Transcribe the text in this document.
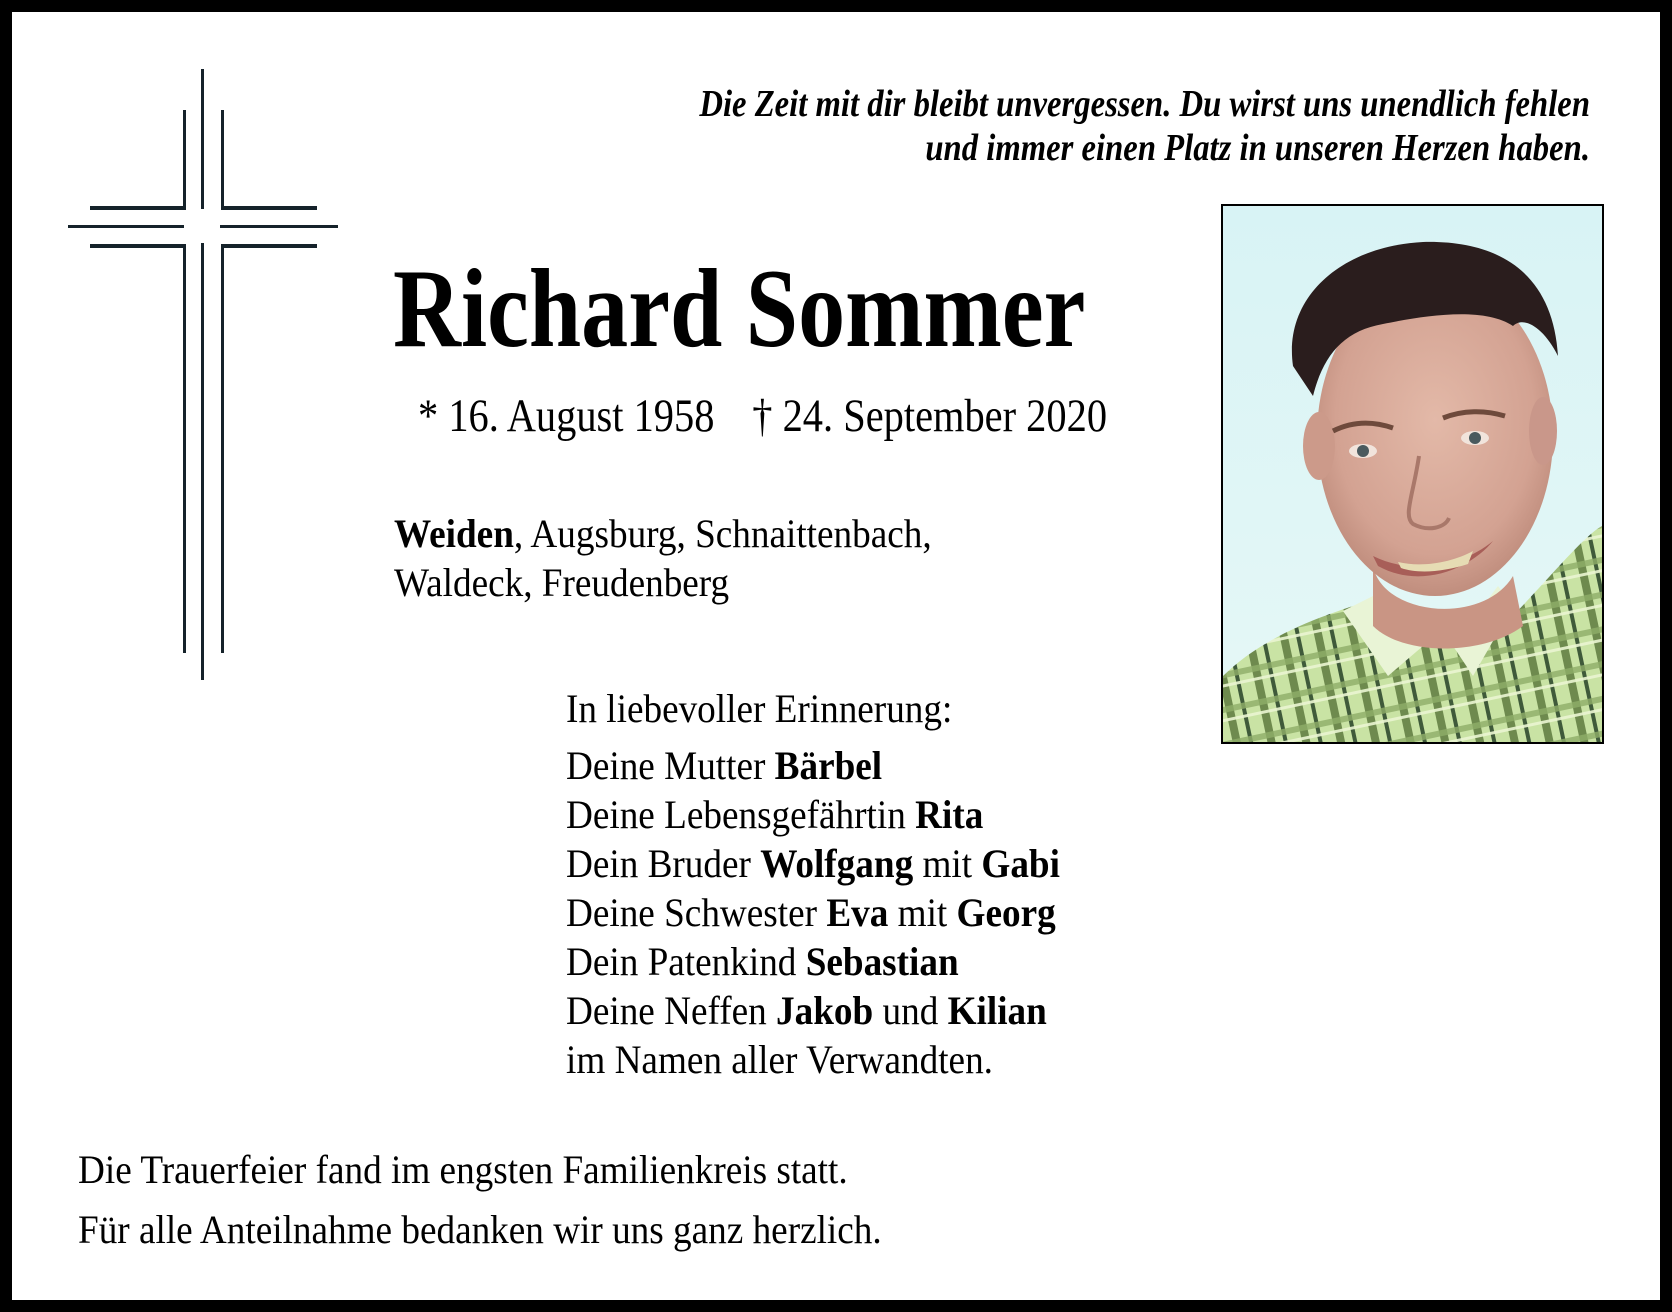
Die Zeit mit dir bleibt unvergessen. Du wirst uns unendlich fehlen
und immer einen Platz in unseren Herzen haben.
Richard Sommer
* 16. August 1958 † 24. September 2020
Weiden, Augsburg, Schnaittenbach,
Waldeck, Freudenberg
In liebevoller Erinnerung:
Deine Mutter Bärbel
Deine Lebensgefährtin Rita
Dein Bruder Wolfgang mit Gabi
Deine Schwester Eva mit Georg
Dein Patenkind Sebastian
Deine Neffen Jakob und Kilian
im Namen aller Verwandten.
Die Trauerfeier fand im engsten Familienkreis statt.
Für alle Anteilnahme bedanken wir uns ganz herzlich.
